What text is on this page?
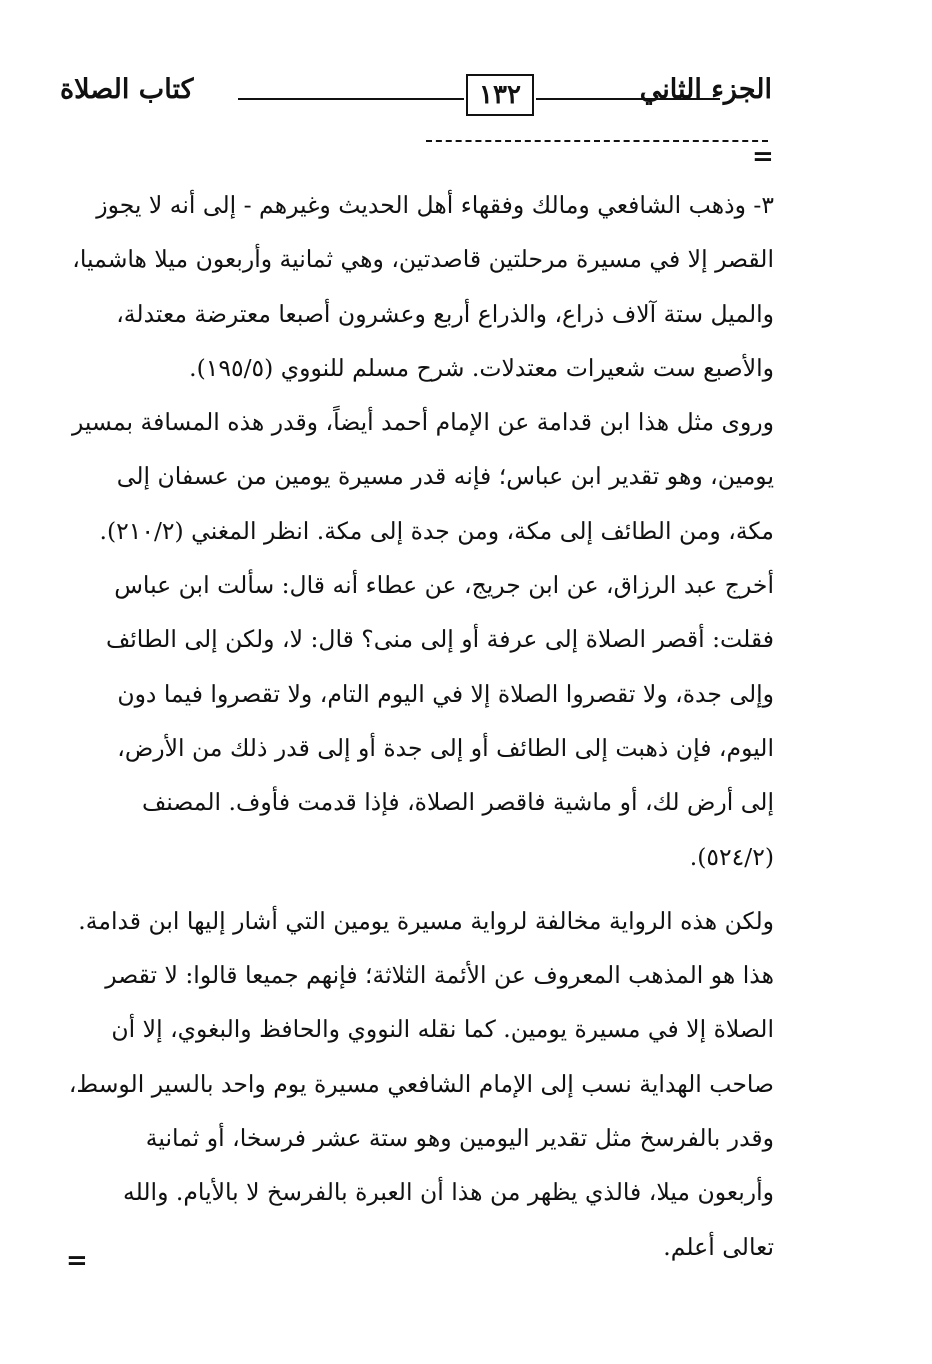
الجزء الثاني
١٣٢
كتاب الصلاة
=
٣- وذهب الشافعي ومالك وفقهاء أهل الحديث وغيرهم - إلى أنه لا يجوز
القصر إلا في مسيرة مرحلتين قاصدتين، وهي ثمانية وأربعون ميلا هاشميا،
والميل ستة آلاف ذراع، والذراع أربع وعشرون أصبعا معترضة معتدلة،
والأصبع ست شعيرات معتدلات. شرح مسلم للنووي (١٩٥/٥).
وروى مثل هذا ابن قدامة عن الإمام أحمد أيضاً، وقدر هذه المسافة بمسير
يومين، وهو تقدير ابن عباس؛ فإنه قدر مسيرة يومين من عسفان إلى
مكة، ومن الطائف إلى مكة، ومن جدة إلى مكة. انظر المغني (٢١٠/٢).
أخرج عبد الرزاق، عن ابن جريج، عن عطاء أنه قال: سألت ابن عباس
فقلت: أقصر الصلاة إلى عرفة أو إلى منى؟ قال: لا، ولكن إلى الطائف
وإلى جدة، ولا تقصروا الصلاة إلا في اليوم التام، ولا تقصروا فيما دون
اليوم، فإن ذهبت إلى الطائف أو إلى جدة أو إلى قدر ذلك من الأرض،
إلى أرض لك، أو ماشية فاقصر الصلاة، فإذا قدمت فأوف. المصنف
(٥٢٤/٢).
ولكن هذه الرواية مخالفة لرواية مسيرة يومين التي أشار إليها ابن قدامة.
هذا هو المذهب المعروف عن الأئمة الثلاثة؛ فإنهم جميعا قالوا: لا تقصر
الصلاة إلا في مسيرة يومين. كما نقله النووي والحافظ والبغوي، إلا أن
صاحب الهداية نسب إلى الإمام الشافعي مسيرة يوم واحد بالسير الوسط،
وقدر بالفرسخ مثل تقدير اليومين وهو ستة عشر فرسخا، أو ثمانية
وأربعون ميلا، فالذي يظهر من هذا أن العبرة بالفرسخ لا بالأيام. والله
تعالى أعلم.
=
